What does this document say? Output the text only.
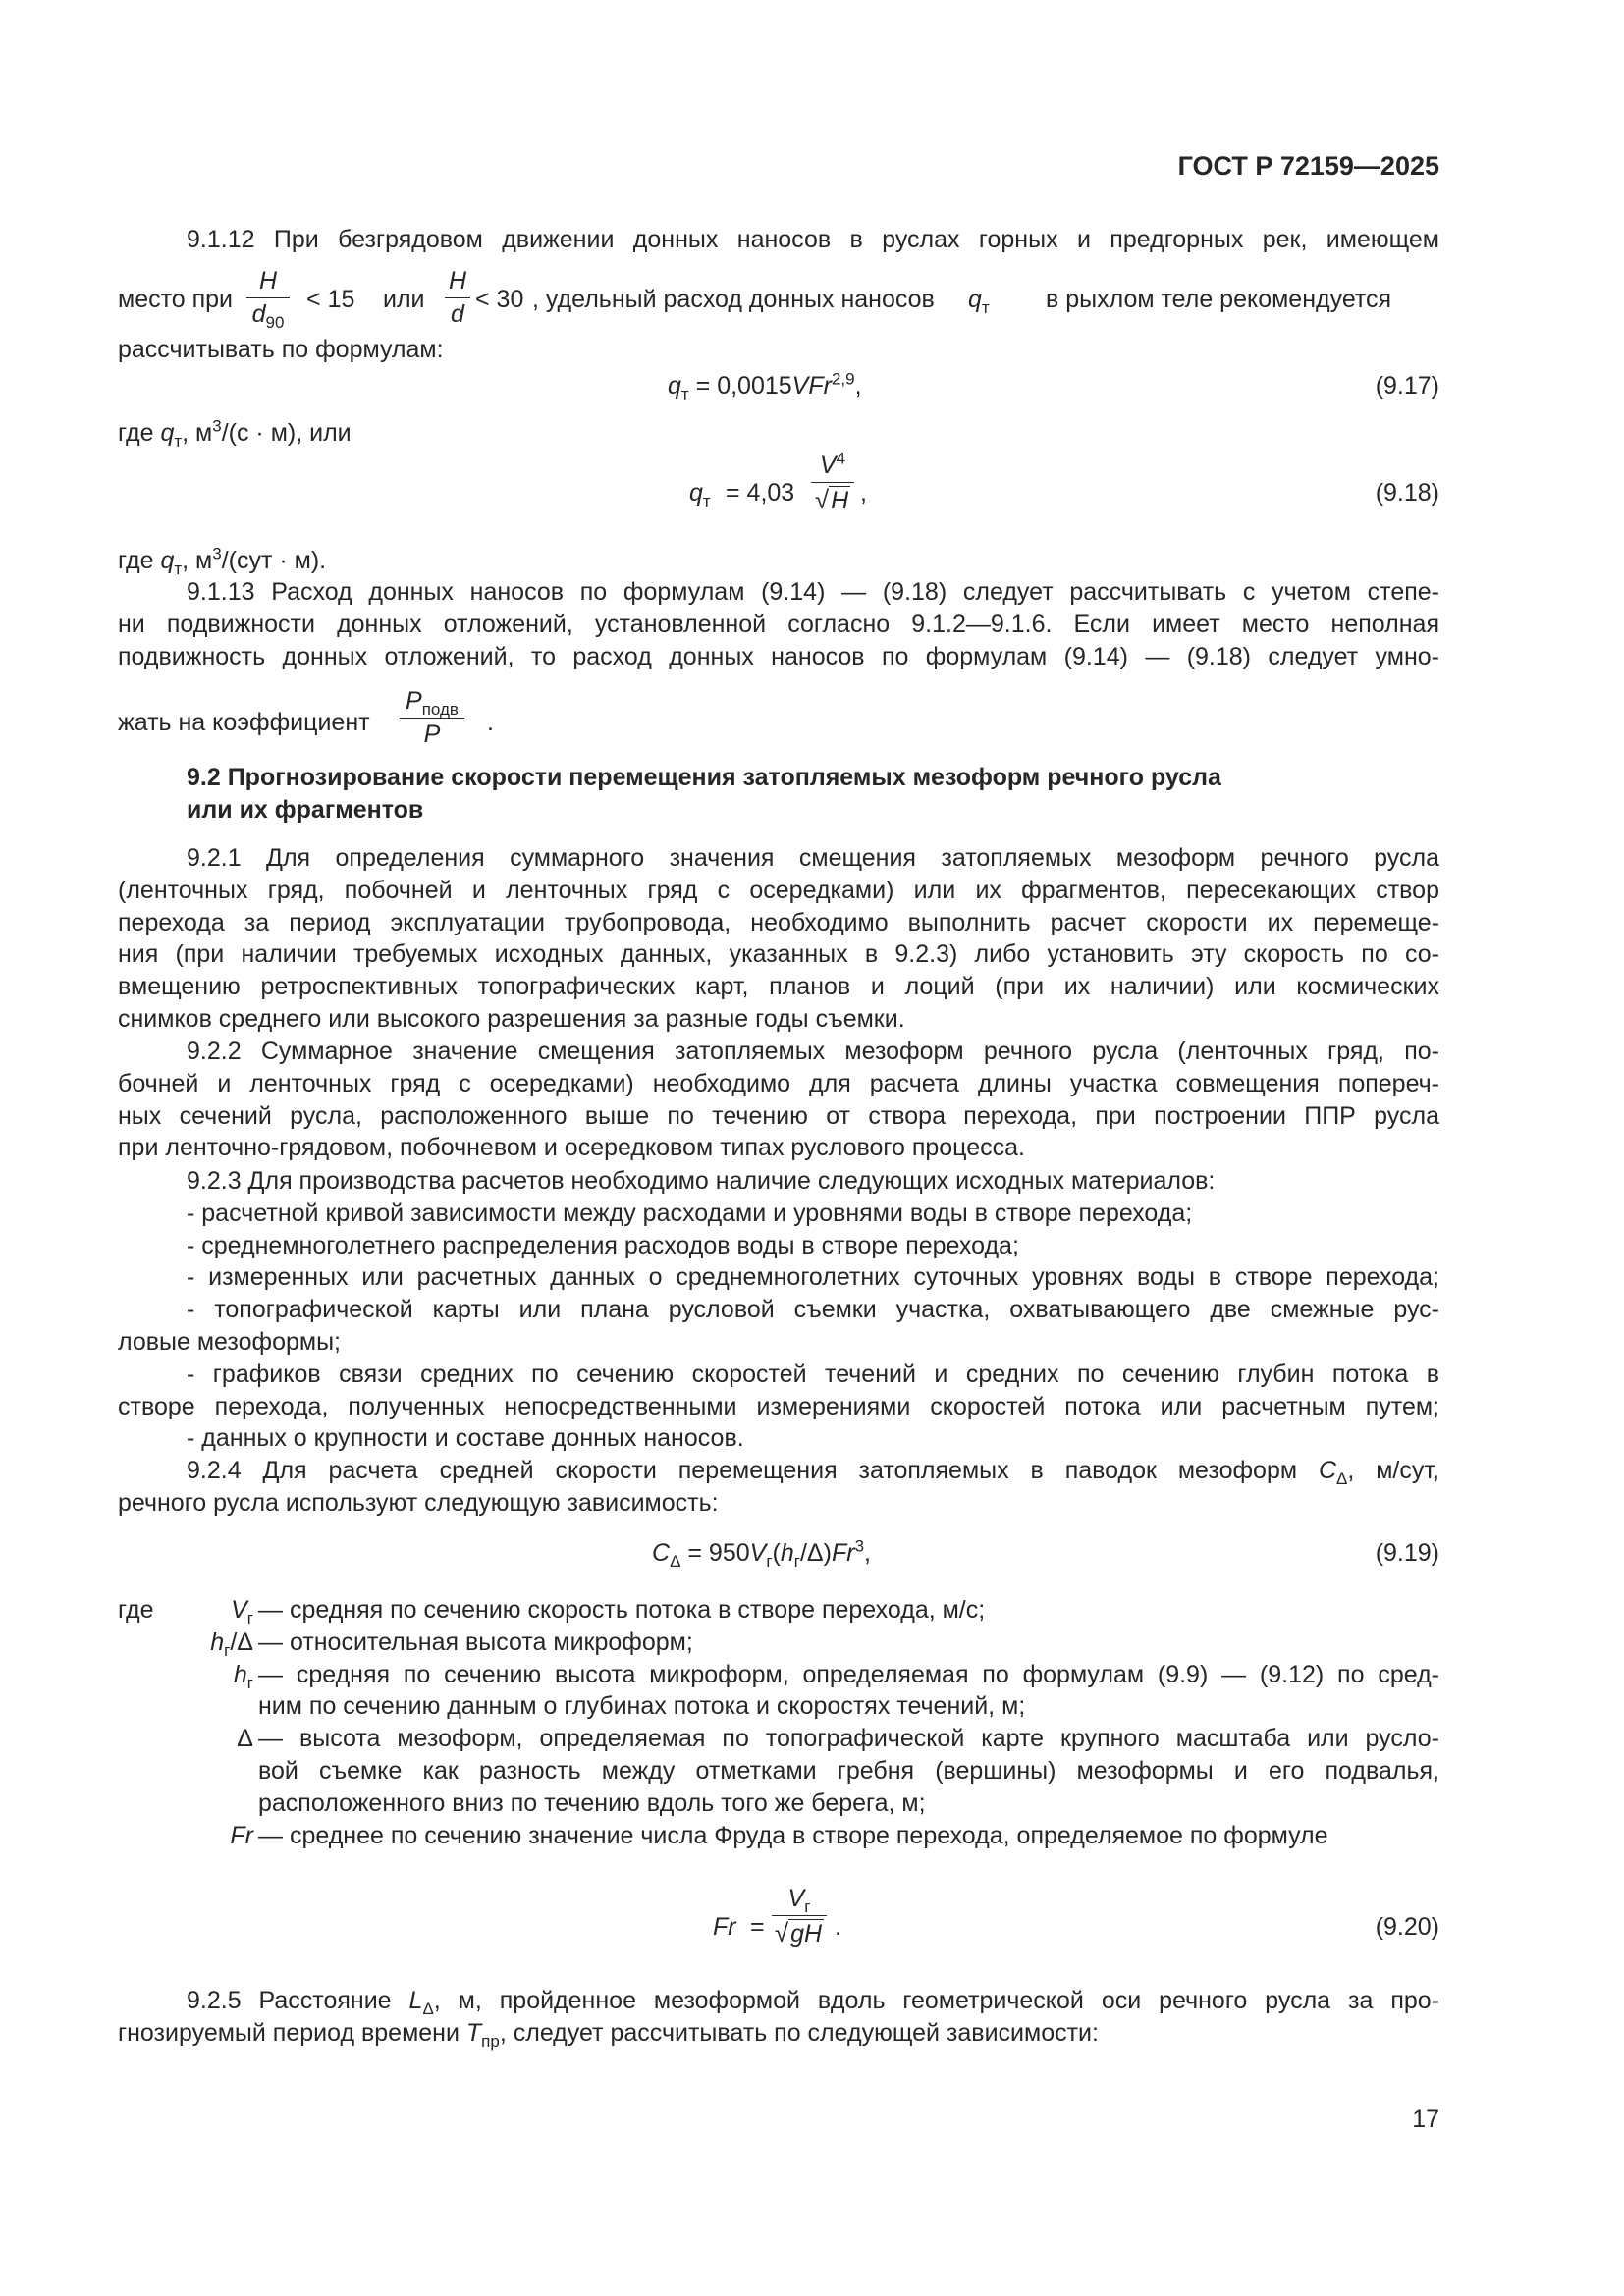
ГОСТ Р 72159—2025
9.1.12 При безгрядовом движении донных наносов в руслах горных и предгорных рек, имеющем
место при $\frac{H}{d_{90}} < 15$ или $\frac{H}{d} < 30$ , удельный расход донных наносов $q_т$ в рыхлом теле рекомендуется
рассчитывать по формулам:
$q_т = 0,0015VFr^{2,9}$,	(9.17)
где $q_т$, $м^3/(с \cdot м)$, или
$q_т = 4,03 \frac{V^4}{√H}$ ,	(9.18)
где $q_т$, $м^3/(сут \cdot м)$.
9.1.13 Расход донных наносов по формулам (9.14) — (9.18) следует рассчитывать с учетом степе-
ни подвижности донных отложений, установленной согласно 9.1.2—9.1.6. Если имеет место неполная
подвижность донных отложений, то расход донных наносов по формулам (9.14) — (9.18) следует умно-
жать на коэффициент $\frac{P_{подв}}{P}$ .
9.2 Прогнозирование скорости перемещения затопляемых мезоформ речного русла
или их фрагментов
9.2.1 Для определения суммарного значения смещения затопляемых мезоформ речного русла
(ленточных гряд, побочней и ленточных гряд с осередками) или их фрагментов, пересекающих створ
перехода за период эксплуатации трубопровода, необходимо выполнить расчет скорости их перемеще-
ния (при наличии требуемых исходных данных, указанных в 9.2.3) либо установить эту скорость по со-
вмещению ретроспективных топографических карт, планов и лоций (при их наличии) или космических
снимков среднего или высокого разрешения за разные годы съемки.
9.2.2 Суммарное значение смещения затопляемых мезоформ речного русла (ленточных гряд, по-
бочней и ленточных гряд с осередками) необходимо для расчета длины участка совмещения попереч-
ных сечений русла, расположенного выше по течению от створа перехода, при построении ППР русла
при ленточно-грядовом, побочневом и осередковом типах руслового процесса.
9.2.3 Для производства расчетов необходимо наличие следующих исходных материалов:
- расчетной кривой зависимости между расходами и уровнями воды в створе перехода;
- среднемноголетнего распределения расходов воды в створе перехода;
- измеренных или расчетных данных о среднемноголетних суточных уровнях воды в створе перехода;
- топографической карты или плана русловой съемки участка, охватывающего две смежные рус-
ловые мезоформы;
- графиков связи средних по сечению скоростей течений и средних по сечению глубин потока в
створе перехода, полученных непосредственными измерениями скоростей потока или расчетным путем;
- данных о крупности и составе донных наносов.
9.2.4 Для расчета средней скорости перемещения затопляемых в паводок мезоформ $C_\Delta$, м/сут,
речного русла используют следующую зависимость:
$C_\Delta = 950V_г(h_г/\Delta)Fr^3$,	(9.19)
где	$V_г$ — средняя по сечению скорость потока в створе перехода, м/с;
$h_г/\Delta$ — относительная высота микроформ;
$h_г$ — средняя по сечению высота микроформ, определяемая по формулам (9.9) — (9.12) по сред-
ним по сечению данным о глубинах потока и скоростях течений, м;
Δ — высота мезоформ, определяемая по топографической карте крупного масштаба или русло-
вой съемке как разность между отметками гребня (вершины) мезоформы и его подвалья,
расположенного вниз по течению вдоль того же берега, м;
Fr — среднее по сечению значение числа Фруда в створе перехода, определяемое по формуле
$Fr = \frac{V_г}{√gH}$ .	(9.20)
9.2.5 Расстояние $L_\Delta$, м, пройденное мезоформой вдоль геометрической оси речного русла за про-
гнозируемый период времени $T_{пр}$, следует рассчитывать по следующей зависимости:
17
